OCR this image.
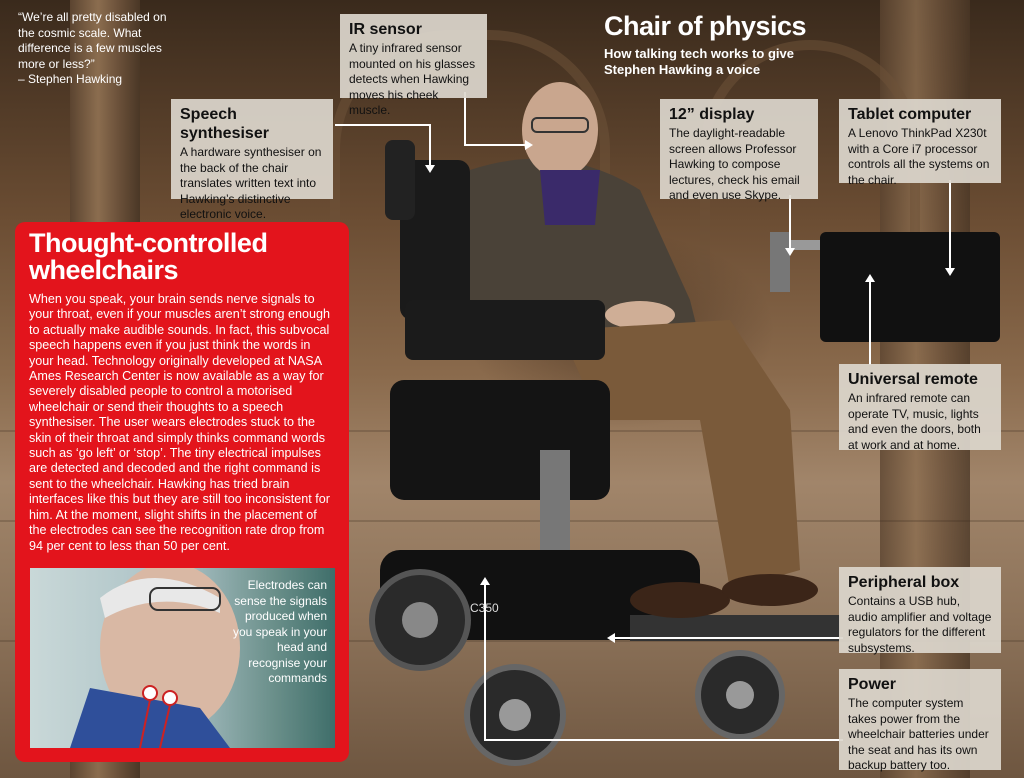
C350
“We’re all pretty disabled on the cosmic scale. What difference is a few muscles more or less?”
– Stephen Hawking
Chair of physics
How talking tech works to give Stephen Hawking a voice
IR sensor

A tiny infrared sensor mounted on his glasses detects when Hawking moves his cheek muscle.

Speech synthesiser

A hardware synthesiser on the back of the chair translates written text into Hawking’s distinctive electronic voice.

12” display

The daylight-readable screen allows Professor Hawking to compose lectures, check his email and even use Skype.

Tablet computer

A Lenovo ThinkPad X230t with a Core i7 processor controls all the systems on the chair.

Universal remote

An infrared remote can operate TV, music, lights and even the doors, both at work and at home.

Peripheral box

Contains a USB hub, audio amplifier and voltage regulators for the different subsystems.

Power

The computer system takes power from the wheelchair batteries under the seat and has its own backup battery too.

Thought-controlled
wheelchairs

When you speak, your brain sends nerve signals to your throat, even if your muscles aren’t strong enough to actually make audible sounds. In fact, this subvocal speech happens even if you just think the words in your head. Technology originally developed at NASA Ames Research Center is now available as a way for severely disabled people to control a motorised wheelchair or send their thoughts to a speech synthesiser. The user wears electrodes stuck to the skin of their throat and simply thinks command words such as ‘go left’ or ‘stop’. The tiny electrical impulses are detected and decoded and the right command is sent to the wheelchair. Hawking has tried brain interfaces like this but they are still too inconsistent for him. At the moment, slight shifts in the placement of the electrodes can see the recognition rate drop from 94 per cent to less than 50 per cent.

Electrodes can sense the signals produced when you speak in your head and recognise your commands
